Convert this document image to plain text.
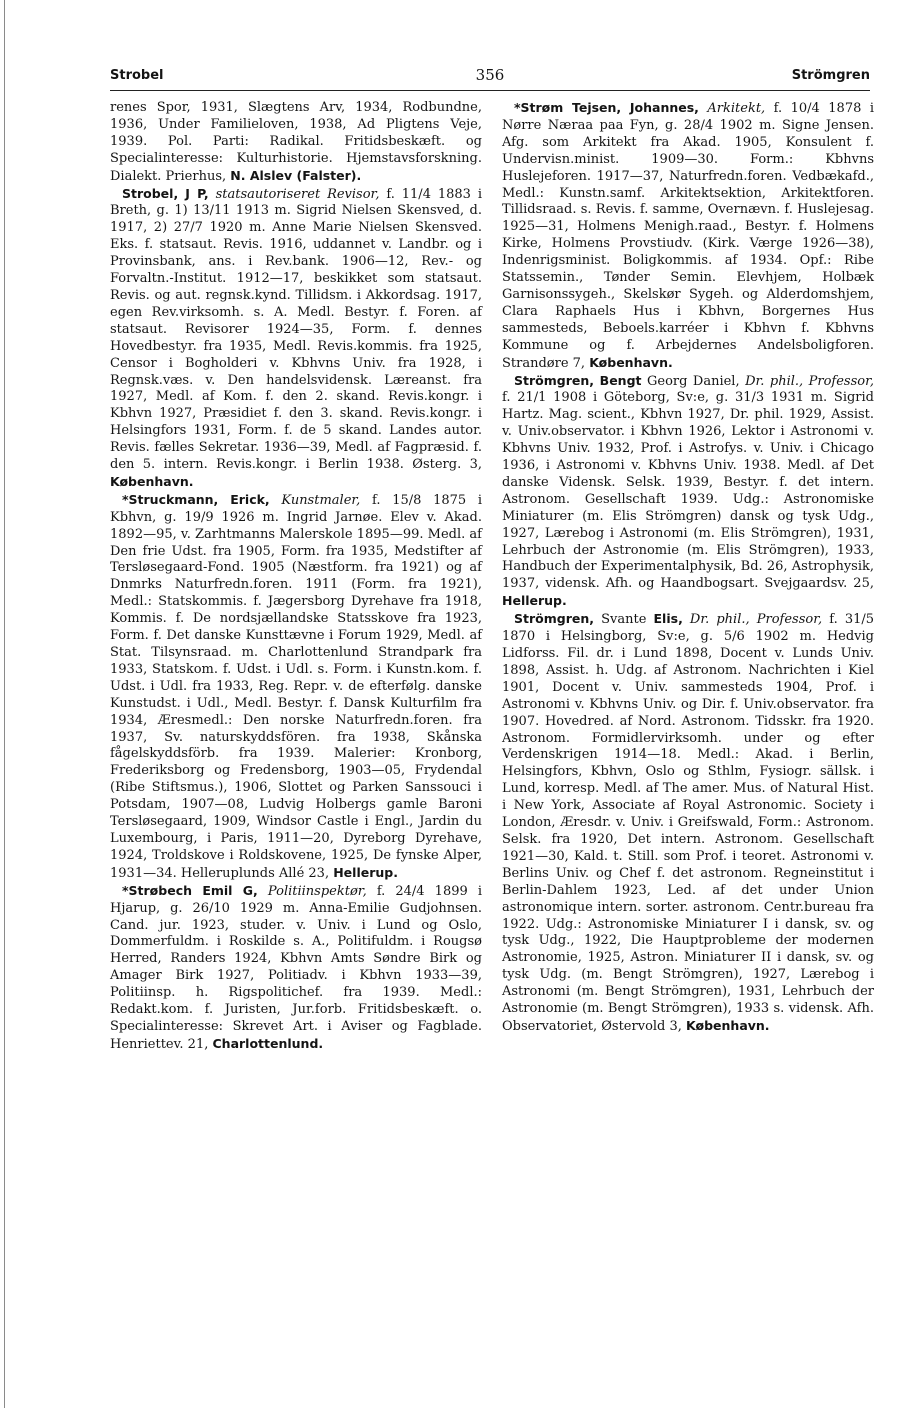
Strobel	356	Strömgren

renes Spor, 1931, Slægtens Arv, 1934, Rodbundne, 1936, Under Familieloven, 1938, Ad Pligtens Veje, 1939. Pol. Parti: Radikal. Fritidsbeskæft. og Specialinteresse: Kulturhistorie. Hjemstavsforskning. Dialekt. Prierhus, N. Alslev (Falster).

Strobel, J P, statsautoriseret Revisor, f. 11/4 1883 i Breth, g. 1) 13/11 1913 m. Sigrid Nielsen Skensved, d. 1917, 2) 27/7 1920 m. Anne Marie Nielsen Skensved. Eks. f. statsaut. Revis. 1916, uddannet v. Landbr. og i Provinsbank, ans. i Rev.bank. 1906—12, Rev.- og Forvaltn.-Institut. 1912—17, beskikket som statsaut. Revis. og aut. regnsk.kynd. Tillidsm. i Akkordsag. 1917, egen Rev.virksomh. s. A. Medl. Bestyr. f. Foren. af statsaut. Revisorer 1924—35, Form. f. dennes Hovedbestyr. fra 1935, Medl. Revis.kommis. fra 1925, Censor i Bogholderi v. Kbhvns Univ. fra 1928, i Regnsk.væs. v. Den handelsvidensk. Læreanst. fra 1927, Medl. af Kom. f. den 2. skand. Revis.kongr. i Kbhvn 1927, Præsidiet f. den 3. skand. Revis.kongr. i Helsingfors 1931, Form. f. de 5 skand. Landes autor. Revis. fælles Sekretar. 1936—39, Medl. af Fagpræsid. f. den 5. intern. Revis.kongr. i Berlin 1938. Østerg. 3, København.

*Struckmann, Erick, Kunstmaler, f. 15/8 1875 i Kbhvn, g. 19/9 1926 m. Ingrid Jarnøe. Elev v. Akad. 1892—95, v. Zarhtmanns Malerskole 1895—99. Medl. af Den frie Udst. fra 1905, Form. fra 1935, Medstifter af Tersløsegaard-Fond. 1905 (Næstform. fra 1921) og af Dnmrks Naturfredn.foren. 1911 (Form. fra 1921), Medl.: Statskommis. f. Jægersborg Dyrehave fra 1918, Kommis. f. De nordsjællandske Statsskove fra 1923, Form. f. Det danske Kunsttævne i Forum 1929, Medl. af Stat. Tilsynsraad. m. Charlottenlund Strandpark fra 1933, Statskom. f. Udst. i Udl. s. Form. i Kunstn.kom. f. Udst. i Udl. fra 1933, Reg. Repr. v. de efterfølg. danske Kunstudst. i Udl., Medl. Bestyr. f. Dansk Kulturfilm fra 1934, Æresmedl.: Den norske Naturfredn.foren. fra 1937, Sv. naturskyddsfören. fra 1938, Skånska fågelskyddsförb. fra 1939. Malerier: Kronborg, Frederiksborg og Fredensborg, 1903—05, Frydendal (Ribe Stiftsmus.), 1906, Slottet og Parken Sanssouci i Potsdam, 1907—08, Ludvig Holbergs gamle Baroni Tersløsegaard, 1909, Windsor Castle i Engl., Jardin du Luxembourg, i Paris, 1911—20, Dyreborg Dyrehave, 1924, Troldskove i Roldskovene, 1925, De fynske Alper, 1931—34. Helleruplunds Allé 23, Hellerup.

*Strøbech Emil G, Politiinspektør, f. 24/4 1899 i Hjarup, g. 26/10 1929 m. Anna-Emilie Gudjohnsen. Cand. jur. 1923, studer. v. Univ. i Lund og Oslo, Dommerfuldm. i Roskilde s. A., Politifuldm. i Rougsø Herred, Randers 1924, Kbhvn Amts Søndre Birk og Amager Birk 1927, Politiadv. i Kbhvn 1933—39, Politiinsp. h. Rigspolitichef. fra 1939. Medl.: Redakt.kom. f. Juristen, Jur.forb. Fritidsbeskæft. o. Specialinteresse: Skrevet Art. i Aviser og Fagblade. Henriettev. 21, Charlottenlund.

*Strøm Tejsen, Johannes, Arkitekt, f. 10/4 1878 i Nørre Næraa paa Fyn, g. 28/4 1902 m. Signe Jensen. Afg. som Arkitekt fra Akad. 1905, Konsulent f. Undervisn.minist. 1909—30. Form.: Kbhvns Huslejeforen. 1917—37, Naturfredn.foren. Vedbækafd., Medl.: Kunstn.samf. Arkitektsektion, Arkitektforen. Tillidsraad. s. Revis. f. samme, Overnævn. f. Huslejesag. 1925—31, Holmens Menigh.raad., Bestyr. f. Holmens Kirke, Holmens Provstiudv. (Kirk. Værge 1926—38), Indenrigsminist. Boligkommis. af 1934. Opf.: Ribe Statssemin., Tønder Semin. Elevhjem, Holbæk Garnisonssygeh., Skelskør Sygeh. og Alderdomshjem, Clara Raphaels Hus i Kbhvn, Borgernes Hus sammesteds, Beboels.karréer i Kbhvn f. Kbhvns Kommune og f. Arbejdernes Andelsboligforen. Strandøre 7, København.

Strömgren, Bengt Georg Daniel, Dr. phil., Professor, f. 21/1 1908 i Göteborg, Sv:e, g. 31/3 1931 m. Sigrid Hartz. Mag. scient., Kbhvn 1927, Dr. phil. 1929, Assist. v. Univ.observator. i Kbhvn 1926, Lektor i Astronomi v. Kbhvns Univ. 1932, Prof. i Astrofys. v. Univ. i Chicago 1936, i Astronomi v. Kbhvns Univ. 1938. Medl. af Det danske Vidensk. Selsk. 1939, Bestyr. f. det intern. Astronom. Gesellschaft 1939. Udg.: Astronomiske Miniaturer (m. Elis Strömgren) dansk og tysk Udg., 1927, Lærebog i Astronomi (m. Elis Strömgren), 1931, Lehrbuch der Astronomie (m. Elis Strömgren), 1933, Handbuch der Experimentalphysik, Bd. 26, Astrophysik, 1937, vidensk. Afh. og Haandbogsart. Svejgaardsv. 25, Hellerup.

Strömgren, Svante Elis, Dr. phil., Professor, f. 31/5 1870 i Helsingborg, Sv:e, g. 5/6 1902 m. Hedvig Lidforss. Fil. dr. i Lund 1898, Docent v. Lunds Univ. 1898, Assist. h. Udg. af Astronom. Nachrichten i Kiel 1901, Docent v. Univ. sammesteds 1904, Prof. i Astronomi v. Kbhvns Univ. og Dir. f. Univ.observator. fra 1907. Hovedred. af Nord. Astronom. Tidsskr. fra 1920. Astronom. Formidlervirksomh. under og efter Verdenskrigen 1914—18. Medl.: Akad. i Berlin, Helsingfors, Kbhvn, Oslo og Sthlm, Fysiogr. sällsk. i Lund, korresp. Medl. af The amer. Mus. of Natural Hist. i New York, Associate af Royal Astronomic. Society i London, Æresdr. v. Univ. i Greifswald, Form.: Astronom. Selsk. fra 1920, Det intern. Astronom. Gesellschaft 1921—30, Kald. t. Still. som Prof. i teoret. Astronomi v. Berlins Univ. og Chef f. det astronom. Regneinstitut i Berlin-Dahlem 1923, Led. af det under Union astronomique intern. sorter. astronom. Centr.bureau fra 1922. Udg.: Astronomiske Miniaturer I i dansk, sv. og tysk Udg., 1922, Die Hauptprobleme der modernen Astronomie, 1925, Astron. Miniaturer II i dansk, sv. og tysk Udg. (m. Bengt Strömgren), 1927, Lærebog i Astronomi (m. Bengt Strömgren), 1931, Lehrbuch der Astronomie (m. Bengt Strömgren), 1933 s. vidensk. Afh. Observatoriet, Østervold 3, København.
